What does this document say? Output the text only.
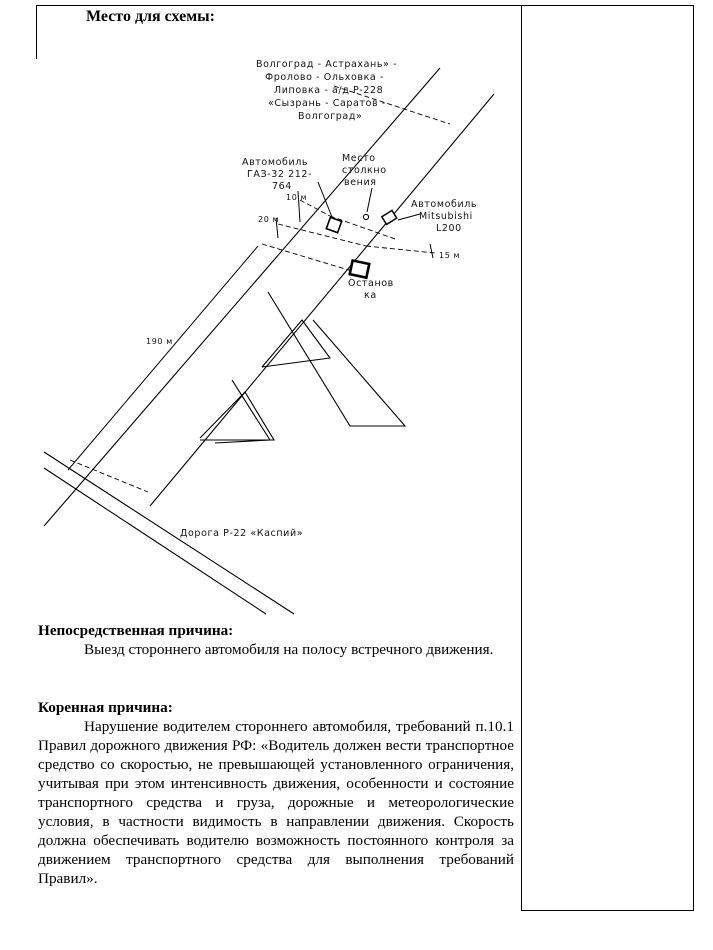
Место для схемы:
Волгоград - Астрахань» - Фролово - Ольховка - Липовка - а/д Р-228 «Сызрань - Саратов - Волгоград»
Автомобиль ГАЗ-32 212- 764
Место столкно вения
Автомобиль Mitsubishi L200
Останов ка
10 м
20 м
15 м
190 м
Дорога Р-22 «Каспий»
Непосредственная причина:
Выезд стороннего автомобиля на полосу встречного движения.
Коренная причина:
Нарушение водителем стороннего автомобиля, требований п.10.1 Правил дорожного движения РФ: «Водитель должен вести транспортное средство со скоростью, не превышающей установленного ограничения, учитывая при этом интенсивность движения, особенности и состояние транспортного средства и груза, дорожные и метеорологические условия, в частности видимость в направлении движения. Скорость должна обеспечивать водителю возможность постоянного контроля за движением транспортного средства для выполнения требований Правил».
